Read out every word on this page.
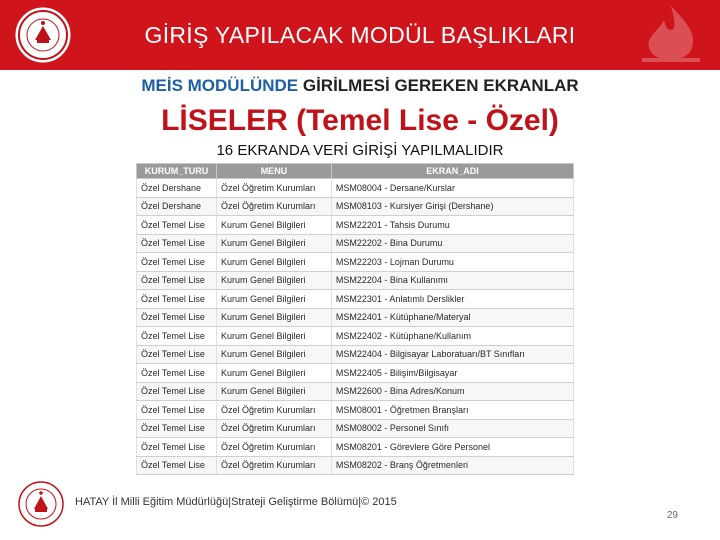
GİRİŞ YAPILACAK MODÜL BAŞLIKLARI
MEİS MODÜLÜNDE GİRİLMESİ GEREKEN EKRANLAR
LİSELER (Temel Lise - Özel)
16 EKRANDA VERİ GİRİŞİ YAPILMALIDIR
KURUM_TURU	MENU	EKRAN_ADI
Özel Dershane	Özel Öğretim Kurumları	MSM08004 - Dersane/Kurslar
Özel Dershane	Özel Öğretim Kurumları	MSM08103 - Kursiyer Girişi (Dershane)
Özel Temel Lise	Kurum Genel Bilgileri	MSM22201 - Tahsis Durumu
Özel Temel Lise	Kurum Genel Bilgileri	MSM22202 - Bina Durumu
Özel Temel Lise	Kurum Genel Bilgileri	MSM22203 - Lojman Durumu
Özel Temel Lise	Kurum Genel Bilgileri	MSM22204 - Bina Kullanımı
Özel Temel Lise	Kurum Genel Bilgileri	MSM22301 - Anlatımlı Derslikler
Özel Temel Lise	Kurum Genel Bilgileri	MSM22401 - Kütüphane/Materyal
Özel Temel Lise	Kurum Genel Bilgileri	MSM22402 - Kütüphane/Kullanım
Özel Temel Lise	Kurum Genel Bilgileri	MSM22404 - Bilgisayar Laboratuarı/BT Sınıfları
Özel Temel Lise	Kurum Genel Bilgileri	MSM22405 - Bilişim/Bilgisayar
Özel Temel Lise	Kurum Genel Bilgileri	MSM22600 - Bina Adres/Konum
Özel Temel Lise	Özel Öğretim Kurumları	MSM08001 - Öğretmen Branşları
Özel Temel Lise	Özel Öğretim Kurumları	MSM08002 - Personel Sınıfı
Özel Temel Lise	Özel Öğretim Kurumları	MSM08201 - Görevlere Göre Personel
Özel Temel Lise	Özel Öğretim Kurumları	MSM08202 - Branş Öğretmenleri
HATAY İl Milli Eğitim Müdürlüğü|Strateji Geliştirme Bölümü|© 2015
29
